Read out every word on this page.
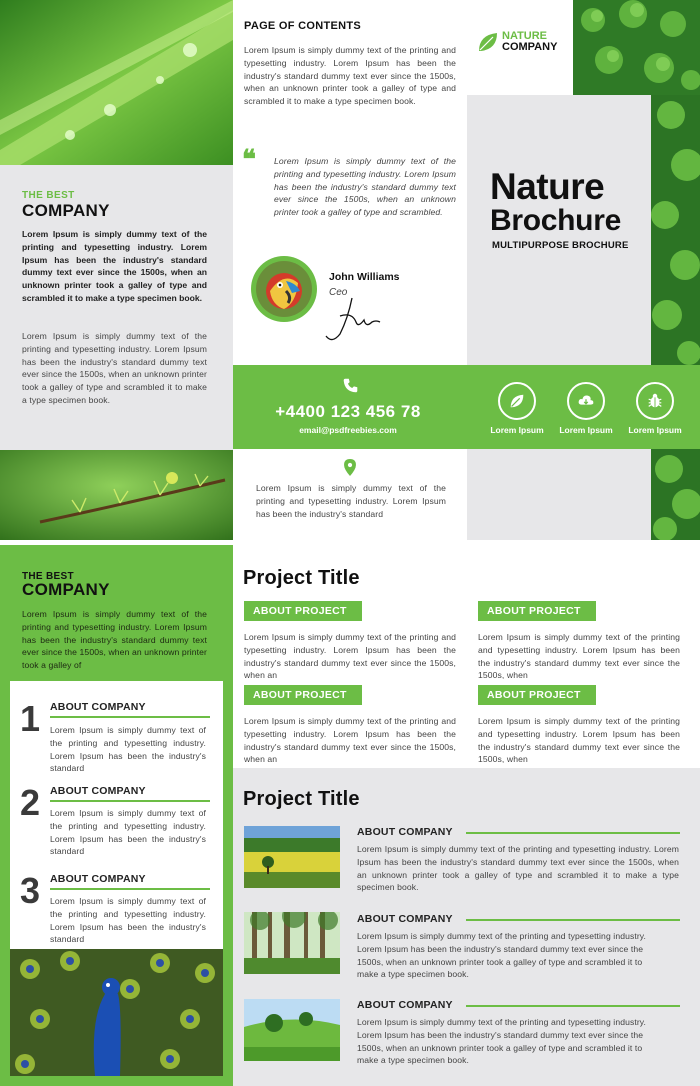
THE BEST
COMPANY
Lorem Ipsum is simply dummy text of the printing and typesetting industry. Lorem Ipsum has been the industry's standard dummy text ever since the 1500s, when an unknown printer took a galley of type and scrambled it to make a type specimen book.
Lorem Ipsum is simply dummy text of the printing and typesetting industry. Lorem Ipsum has been the industry's standard dummy text ever since the 1500s, when an unknown printer took a galley of type and scrambled it to make a type specimen book.
PAGE OF CONTENTS
Lorem Ipsum is simply dummy text of the printing and typesetting industry. Lorem Ipsum has been the industry's standard dummy text ever since the 1500s, when an unknown printer took a galley of type and scrambled it to make a type specimen book.
❝ Lorem Ipsum is simply dummy text of the printing and typesetting industry. Lorem Ipsum has been the industry's standard dummy text ever since the 1500s, when an unknown printer took a galley of type and scrambled.
John Williams
Ceo
NATURE
COMPANY
Nature
Brochure
MULTIPURPOSE BROCHURE
+4400 123 456 78
email@psdfreebies.com	Lorem Ipsum Lorem Ipsum Lorem Ipsum
Lorem Ipsum is simply dummy text of the printing and typesetting industry. Lorem Ipsum has been the industry's standard
THE BEST
COMPANY
Lorem Ipsum is simply dummy text of the printing and typesetting industry. Lorem Ipsum has been the industry's standard dummy text ever since the 1500s, when an unknown printer took a galley of
1 ABOUT COMPANY
Lorem Ipsum is simply dummy text of the printing and typesetting industry. Lorem Ipsum has been the industry's standard
2 ABOUT COMPANY
Lorem Ipsum is simply dummy text of the printing and typesetting industry. Lorem Ipsum has been the industry's standard
3 ABOUT COMPANY
Lorem Ipsum is simply dummy text of the printing and typesetting industry. Lorem Ipsum has been the industry's standard
Project Title
ABOUT PROJECT
Lorem Ipsum is simply dummy text of the printing and typesetting industry. Lorem Ipsum has been the industry's standard dummy text ever since the 1500s, when an
ABOUT PROJECT
Lorem Ipsum is simply dummy text of the printing and typesetting industry. Lorem Ipsum has been the industry's standard dummy text ever since the 1500s, when
ABOUT PROJECT
Lorem Ipsum is simply dummy text of the printing and typesetting industry. Lorem Ipsum has been the industry's standard dummy text ever since the 1500s, when an
ABOUT PROJECT
Lorem Ipsum is simply dummy text of the printing and typesetting industry. Lorem Ipsum has been the industry's standard dummy text ever since the 1500s, when
Project Title
ABOUT COMPANY
Lorem Ipsum is simply dummy text of the printing and typesetting industry. Lorem Ipsum has been the industry's standard dummy text ever since the 1500s, when an unknown printer took a galley of type and scrambled it to make a type specimen book.
ABOUT COMPANY
Lorem Ipsum is simply dummy text of the printing and typesetting industry. Lorem Ipsum has been the industry's standard dummy text ever since the 1500s, when an unknown printer took a galley of type and scrambled it to make a type specimen book.
ABOUT COMPANY
Lorem Ipsum is simply dummy text of the printing and typesetting industry. Lorem Ipsum has been the industry's standard dummy text ever since the 1500s, when an unknown printer took a galley of type and scrambled it to make a type specimen book.
